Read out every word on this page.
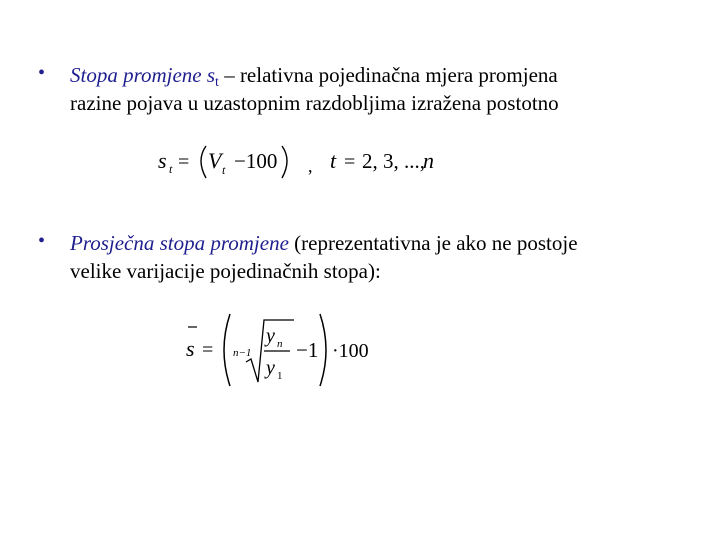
• Stopa promjene $s_t$ – relativna pojedinačna mjera promjena
razine pojava u uzastopnim razdobljima izražena postotno
s t = V t −100 , t = 2, 3, ...,
n
• Prosječna stopa promjene (reprezentativna je ako ne postoje
velike varijacije pojedinačnih stopa):
s = n−1
y n
y 1
−1 ·100
